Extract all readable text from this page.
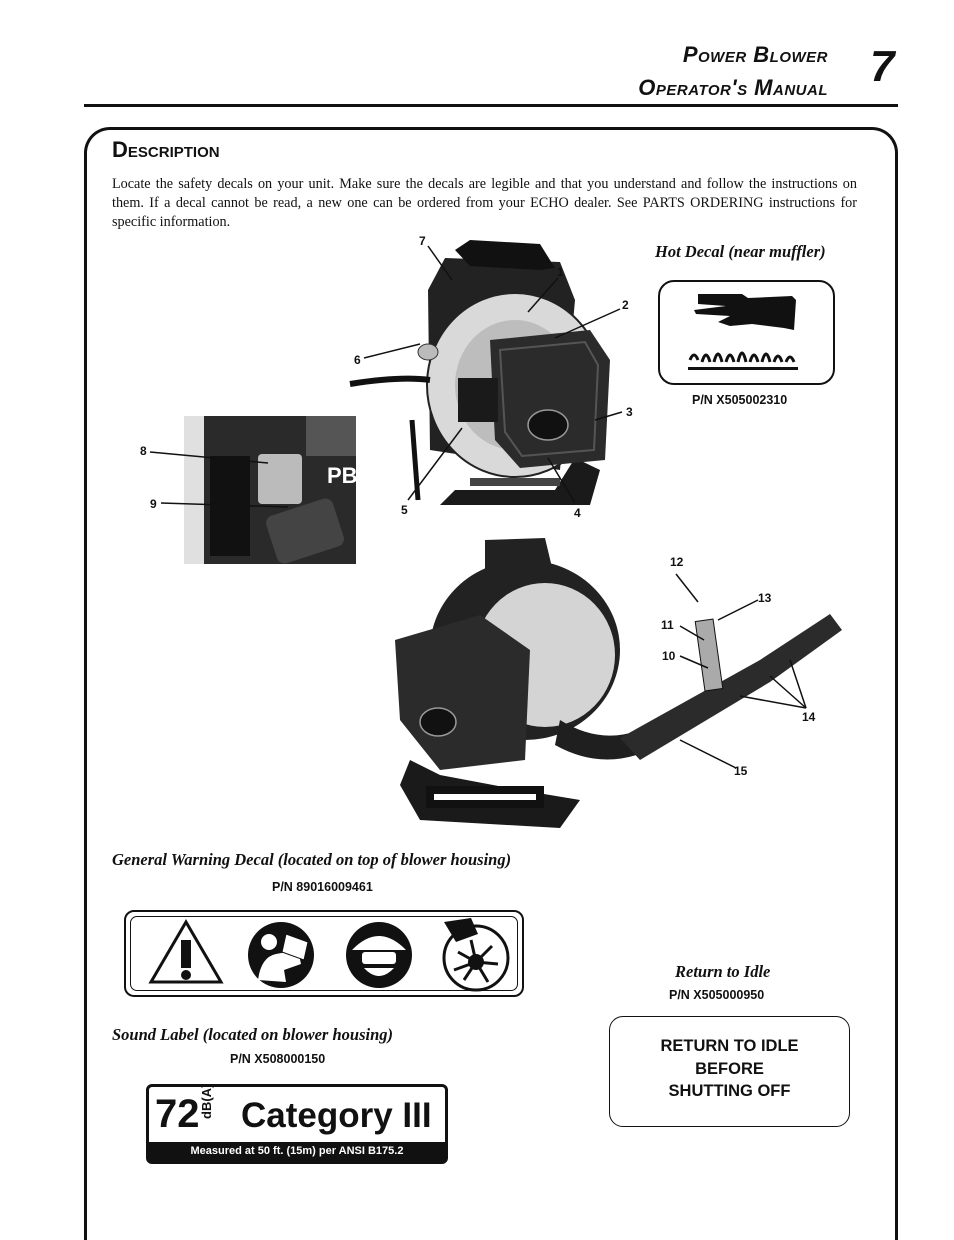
Power Blower
Operator's Manual 7
Description
Locate the safety decals on your unit. Make sure the decals are legible and that you understand and follow the instructions on them. If a decal cannot be read, a new one can be ordered from your ECHO dealer. See PARTS ORDERING instructions for specific information.
Hot Decal (near muffler)
P/N X505002310
PB-
7
1
2
6
3
8
9	5	4
12
13
11
10
14
15
General Warning Decal (located on top of blower housing)
P/N 89016009461
Return to Idle
P/N X505000950
RETURN TO IDLE
BEFORE
SHUTTING OFF
Sound Label (located on blower housing)
P/N X508000150
72 dB(A) Category III
Measured at 50 ft. (15m) per ANSI B175.2
